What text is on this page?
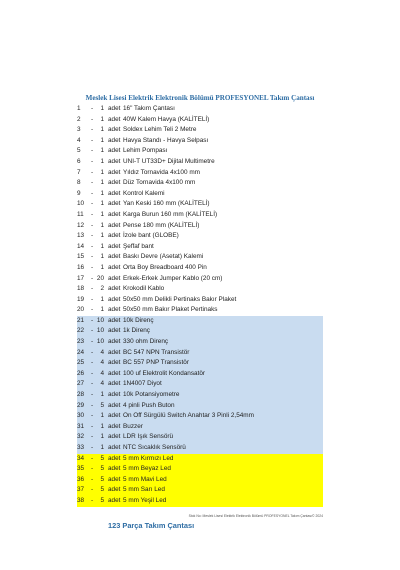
Meslek Lisesi Elektrik Elektronik Bölümü PROFESYONEL Takım Çantası
1	-	1 adet 16" Takım Çantası
2	-	1 adet 40W Kalem Havya (KALİTELİ)
3	-	1 adet Soldex Lehim Teli 2 Metre
4	-	1 adet Havya Standı - Havya Selpası
5	-	1 adet Lehim Pompası
6	-	1 adet UNI-T UT33D+ Dijital Multimetre
7	-	1 adet Yıldız Tornavida 4x100 mm
8	-	1 adet Düz Tornavida 4x100 mm
9	-	1 adet Kontrol Kalemi
10	-	1 adet Yan Keski 160 mm (KALİTELİ)
11	-	1 adet Karga Burun 160 mm (KALİTELİ)
12	-	1 adet Pense 180 mm (KALİTELİ)
13	-	1 adet İzole bant (GLOBE)
14	-	1 adet Şeffaf bant
15	-	1 adet Baskı Devre (Asetat) Kalemi
16	-	1 adet Orta Boy Breadboard 400 Pin
17	- 20 adet Erkek-Erkek Jumper Kablo (20 cm)
18	-	2 adet Krokodil Kablo
19	-	1 adet 50x50 mm Delikli Pertinaks Bakır Plaket
20	-	1 adet 50x50 mm Bakır Plaket Pertinaks
21	- 10 adet 10k Direnç
22	- 10 adet 1k Direnç
23	- 10 adet 330 ohm Direnç
24	-	4 adet BC 547 NPN Transistör
25	-	4 adet BC 557 PNP Transistör
26	-	4 adet 100 uf Elektrolit Kondansatör
27	-	4 adet 1N4007 Diyot
28	-	1 adet 10k Potansiyometre
29	-	5 adet 4 pinli Push Buton
30	-	1 adet On Off Sürgülü Switch Anahtar 3 Pinli 2,54mm
31	-	1 adet Buzzer
32	-	1 adet LDR Işık Sensörü
33	-	1 adet NTC Sıcaklık Sensörü
34	-	5 adet 5 mm Kırmızı Led
35	-	5 adet 5 mm Beyaz Led
36	-	5 adet 5 mm Mavi Led
37	-	5 adet 5 mm Sarı Led
38	-	5 adet 5 mm Yeşil Led
Stok No: Meslek Lisesi Elektrik Elektronik Bölümü PROFESYONEL Takım Çantası© 2024
123 Parça Takım Çantası
